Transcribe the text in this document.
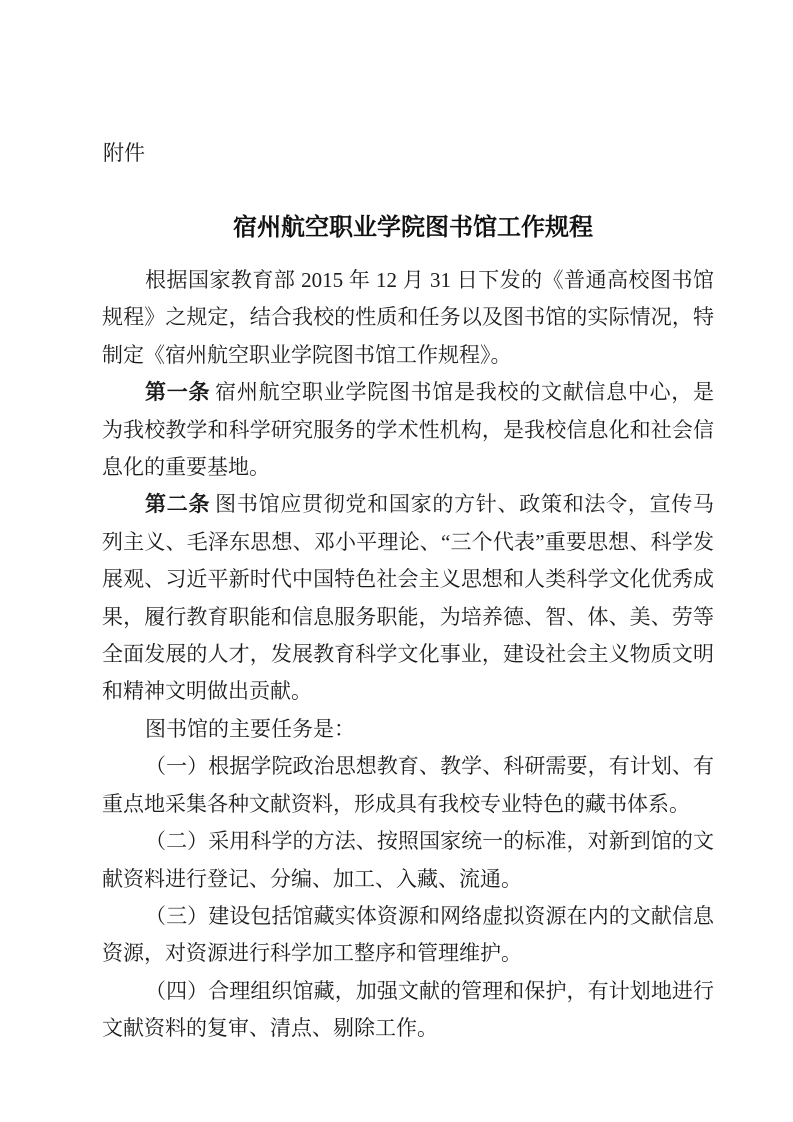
附件
宿州航空职业学院图书馆工作规程

根据国家教育部 2015 年 12 月 31 日下发的《普通高校图书馆规程》之规定，结合我校的性质和任务以及图书馆的实际情况，特制定《宿州航空职业学院图书馆工作规程》。

第一条 宿州航空职业学院图书馆是我校的文献信息中心，是为我校教学和科学研究服务的学术性机构，是我校信息化和社会信息化的重要基地。

第二条 图书馆应贯彻党和国家的方针、政策和法令，宣传马列主义、毛泽东思想、邓小平理论、“三个代表”重要思想、科学发展观、习近平新时代中国特色社会主义思想和人类科学文化优秀成果，履行教育职能和信息服务职能，为培养德、智、体、美、劳等全面发展的人才，发展教育科学文化事业，建设社会主义物质文明和精神文明做出贡献。

图书馆的主要任务是：

（一）根据学院政治思想教育、教学、科研需要，有计划、有重点地采集各种文献资料，形成具有我校专业特色的藏书体系。

（二）采用科学的方法、按照国家统一的标准，对新到馆的文献资料进行登记、分编、加工、入藏、流通。

（三）建设包括馆藏实体资源和网络虚拟资源在内的文献信息资源，对资源进行科学加工整序和管理维护。

（四）合理组织馆藏，加强文献的管理和保护，有计划地进行文献资料的复审、清点、剔除工作。
